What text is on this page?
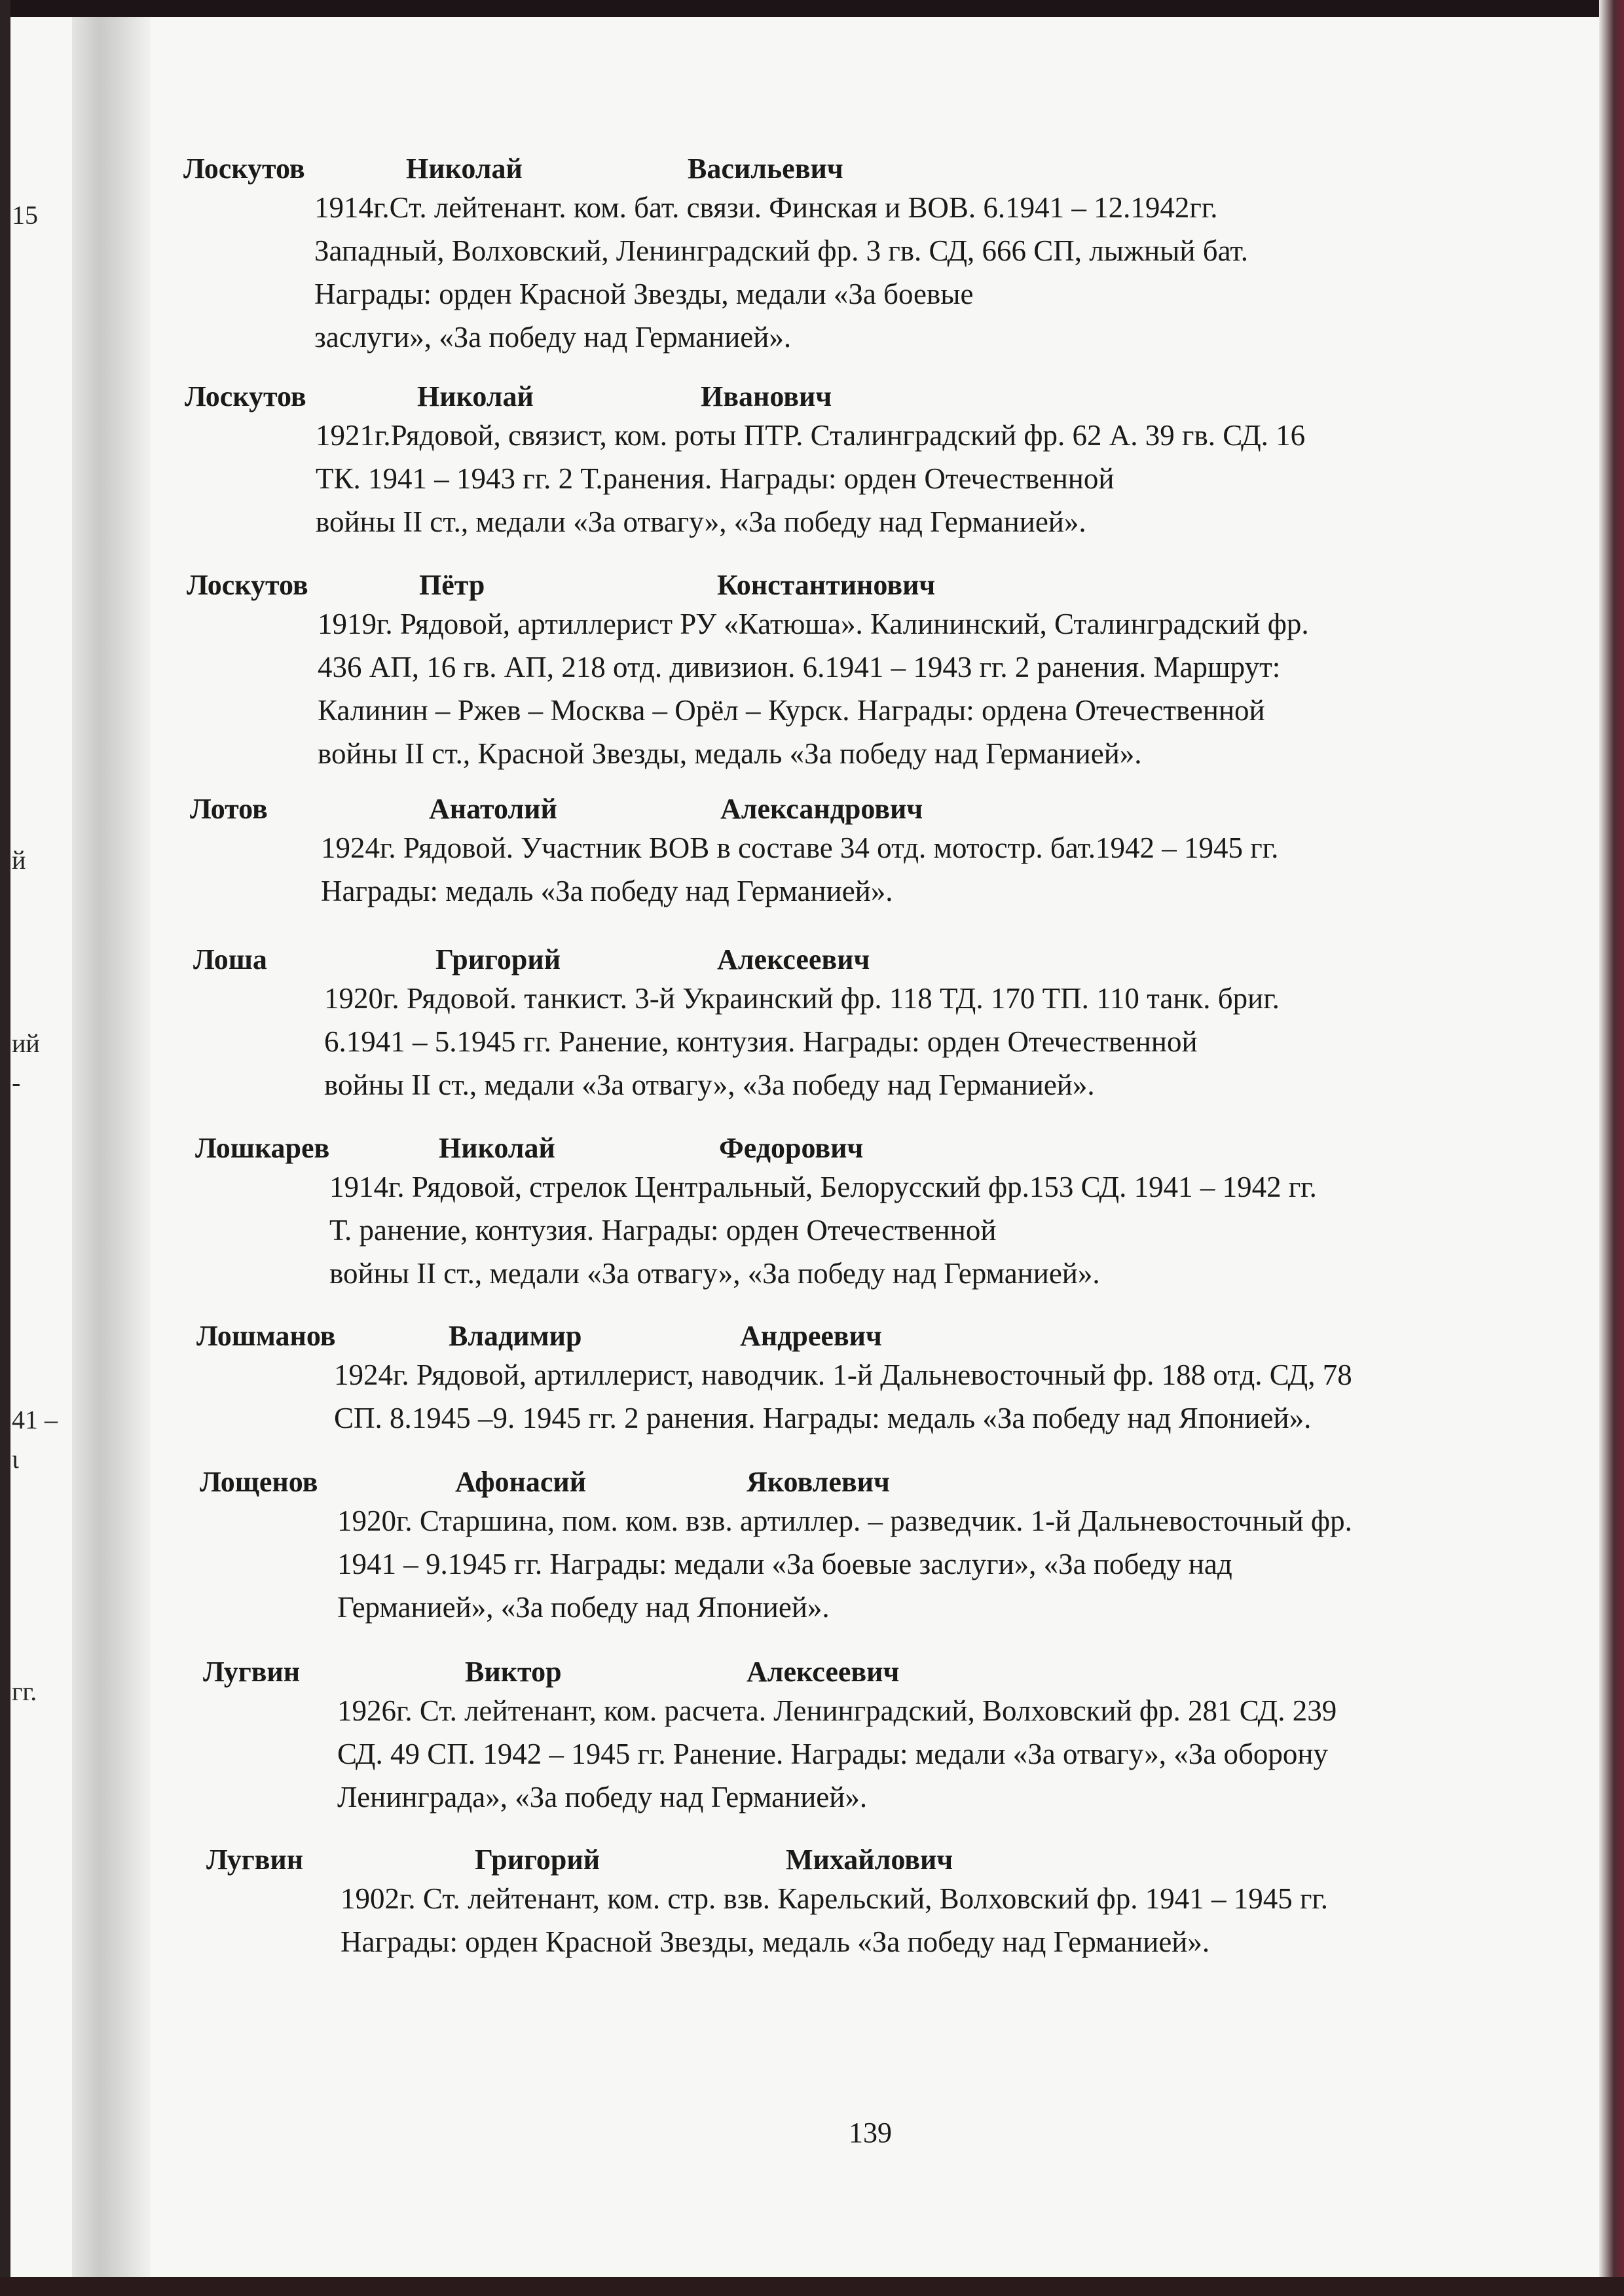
15
й
ий
-
41 –
ι
гг.
Лоскутов	Николай	Васильевич
1914г.Ст. лейтенант. ком. бат. связи. Финская и ВОВ. 6.1941 – 12.1942гг.
Западный, Волховский, Ленинградский фр. 3 гв. СД, 666 СП, лыжный бат.
Награды: орден Красной Звезды, медали «За боевые
заслуги», «За победу над Германией».
Лоскутов	Николай	Иванович
1921г.Рядовой, связист, ком. роты ПТР. Сталинградский фр. 62 А. 39 гв. СД. 16
ТК. 1941 – 1943 гг. 2 Т.ранения. Награды: орден Отечественной
войны II ст., медали «За отвагу», «За победу над Германией».
Лоскутов	Пётр	Константинович
1919г. Рядовой, артиллерист РУ «Катюша». Калининский, Сталинградский фр.
436 АП, 16 гв. АП, 218 отд. дивизион. 6.1941 – 1943 гг. 2 ранения. Маршрут:
Калинин – Ржев – Москва – Орёл – Курск. Награды: ордена Отечественной
войны II ст., Красной Звезды, медаль «За победу над Германией».
Лотов	Анатолий	Александрович
1924г. Рядовой. Участник ВОВ в составе 34 отд. мотостр. бат.1942 – 1945 гг.
Награды: медаль «За победу над Германией».
Лоша	Григорий	Алексеевич
1920г. Рядовой. танкист. 3-й Украинский фр. 118 ТД. 170 ТП. 110 танк. бриг.
6.1941 – 5.1945 гг. Ранение, контузия. Награды: орден Отечественной
войны II ст., медали «За отвагу», «За победу над Германией».
Лошкарев	Николай	Федорович
1914г. Рядовой, стрелок Центральный, Белорусский фр.153 СД. 1941 – 1942 гг.
Т. ранение, контузия. Награды: орден Отечественной
войны II ст., медали «За отвагу», «За победу над Германией».
Лошманов	Владимир	Андреевич
1924г. Рядовой, артиллерист, наводчик. 1-й Дальневосточный фр. 188 отд. СД, 78
СП. 8.1945 –9. 1945 гг. 2 ранения. Награды: медаль «За победу над Японией».
Лощенов	Афонасий	Яковлевич
1920г. Старшина, пом. ком. взв. артиллер. – разведчик. 1-й Дальневосточный фр.
1941 – 9.1945 гг. Награды: медали «За боевые заслуги», «За победу над
Германией», «За победу над Японией».
Лугвин	Виктор	Алексеевич
1926г. Ст. лейтенант, ком. расчета. Ленинградский, Волховский фр. 281 СД. 239
СД. 49 СП. 1942 – 1945 гг. Ранение. Награды: медали «За отвагу», «За оборону
Ленинграда», «За победу над Германией».
Лугвин	Григорий	Михайлович
1902г. Ст. лейтенант, ком. стр. взв. Карельский, Волховский фр. 1941 – 1945 гг.
Награды: орден Красной Звезды, медаль «За победу над Германией».
139
